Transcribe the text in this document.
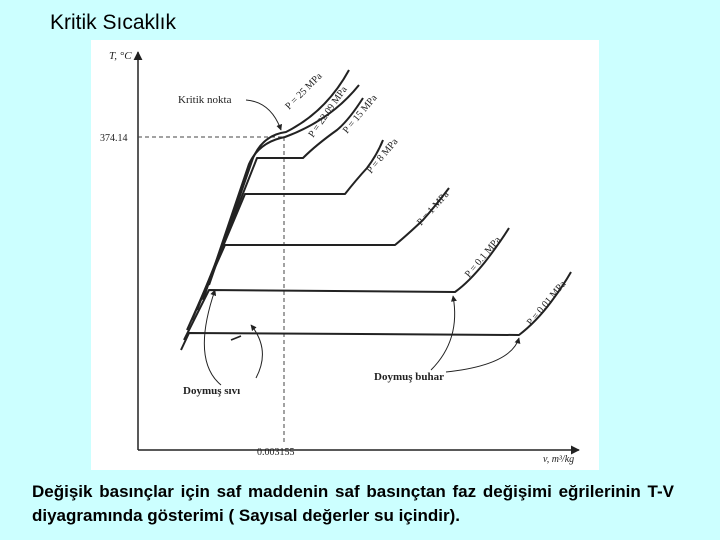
Kritik Sıcaklık
T, °C
v, m³/kg
374.14
0.003155
P = 25 MPa
P = 22.09 MPa
P = 15 MPa
P = 8 MPa
P = 1 MPa
P = 0.1 MPa
P = 0.01 MPa
Kritik nokta
Doymuş sıvı
Doymuş buhar
Değişik basınçlar için saf maddenin saf basınçtan faz değişimi eğrilerinin T-V diyagramında gösterimi ( Sayısal değerler su içindir).
